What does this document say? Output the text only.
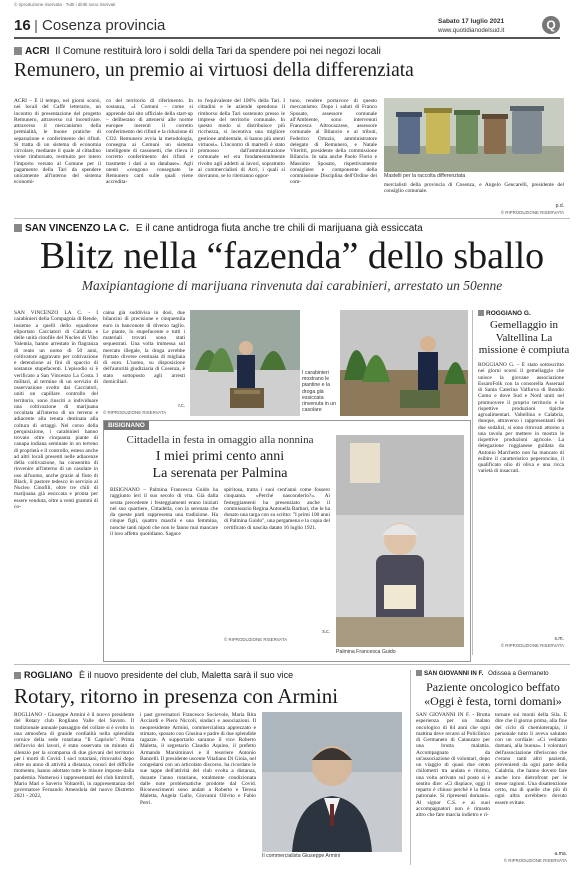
© riproduzione riservata · Tutti i diritti sono riservati
16 Cosenza provincia	Sabato 17 luglio 2021
www.quotidianodelsud.it	Q
ACRI Il Comune restituirà loro i soldi della Tari da spendere poi nei negozi locali
Remunero, un premio ai virtuosi della differenziata
ACRI – È il tempo, nei giorni scorsi, nei locali del Caffè letterario, un incontro di presentazione del progetto Remunero, attraverso cui incentivare, attraverso il meccanismo della premialità, le buone pratiche di separazione e conferimento dei rifiuti. Si tratta di un sistema di economia circolare, mediante il quale al cittadino viene rimborsato, restituito per intero l'importo versato al Comune per il pagamento della Tari da spendere unicamente all'interno del sistema economi-
co del territorio di riferimento. In sostanza, «I Comuni – come si apprende dal sito ufficiale della start-up – deliberano di attenersi alle norme europee inerenti il corretto conferimento dei rifiuti e la riduzione di CO2. Remunero avvia la metodologia, consegna ai Comuni un sistema intelligente di cassonetti, che rileva il corretto conferimento dei rifiuti e trasmette i dati a un database». Agli utenti «vengono consegnate le Remunero card sulle quali viene accredita-
to l'equivalente del 100% della Tari. I cittadini e le aziende spendono il rimborso della Tari sostenuto presso le imprese del territorio comunale. In questo modo si distribuisce più ricchezza, si incentiva una migliore gestione ambientale, si hanno più utenti virtuosi». L'incontro di martedì è stato promosso dall'amministrazione comunale ed era fondamentalmente rivolto agli addetti ai lavori, soprattutto ai commercialisti di Acri, i quali si dovranno, se lo riterranno oppor-
tuno, rendere portavoce di questo meccanismo. Dopo i saluti di Franco Sposato, assessore comunale all'Ambiente, sono intervenuti Francesca Altrocazzese, assessore comunale al Bilancio e ai tributi, Federico Ortuzio, amministratore delegato di Remunero, e Natale Viteritti, presidente della commissione Bilancio. In sala anche Paolo Florio e Massimo Sposato, rispettivamente consigliere e componente della commissione Disciplina dell'Ordine dei com-
Mastelli per la raccolta differenziata
mercialisti della provincia di Cosenza, e Angelo Gencarelli, presidente del consiglio comunale.
p.d.
© RIPRODUZIONE RISERVATA
SAN VINCENZO LA C. E il cane antidroga fiuta anche tre chili di marijuana già essiccata
Blitz nella “fazenda” dello sballo
Maxipiantagione di marijuana rinvenuta dai carabinieri, arrestato un 50enne
SAN VINCENZO LA C. - I carabinieri della Compagnia di Rende, insieme a quelli dello squadrone eliportato Cacciatori di Calabria e delle unità cinofile del Nucleo di Vibo Valentia, hanno arrestato in flagranza di reato un uomo di 50 anni, coltivatore aggravato per coltivazione e detenzione ai fini di spaccio di sostanze stupefacenti. L'episodio si è verificato a San Vincenzo La Costa. I militari, al termine di un servizio di osservazione svolto dai Cacciatori, uniti un capillare controllo del territorio, sono riusciti a individuare una coltivazione di marijuana occultata all'interno di un terreno e adiacente alla tenuta destinata alla coltura di ortaggi. Nel corso della perquisizione, i carabinieri hanno trovato oltre cinquanta piante di canapa indiana seminate in un terreno di proprietà e il controllo, esteso anche ad altri locali presenti nelle adiacenze della coltivazione, ha consentito di rinvenire all'interno di un casolare in uso all'uomo, anche grazie al fiuto di Black, il pastore tedesco in servizio al Nucleo Cinofili, oltre tre chili di marijuana già essiccata e pronta per essere venduta, oltre a venti grammi di co-
caina già suddivisa in dosi, due bilancini di precisione e cinquemila euro in banconote di diverso taglio. Le piante, lo stupefacente e tutti i materiali trovati sono stati sequestrati. Una volta immessa sul mercato illegale, la droga avrebbe fruttato diverse centinaia di migliaia di euro. L'uomo, su disposizione dell'autorità giudiziaria di Cosenza, è stato sottoposto agli arresti domiciliari.
r.c.
© RIPRODUZIONE RISERVATA
I carabinieri mostrano le piantine e la droga già essiccata rinvenuta in un casolare
ROGGIANO G.
Gemellaggio in Valtellina La missione è compiuta
ROGGIANO G. – È stato sottoscritto nei giorni scorsi il gemellaggio che unisce la giovane associazione EssaroFolk con la consorella Asseraal di Santa Caterina Valfurva di Bondio Como e dove Sud e Nord uniti nel promuovere il proprio territorio e le rispettive produzioni tipiche agroalimentari. Valtellina e Calabria, dunque, attraverso i rappresentanti dei due sodalizi, si sono ritrovati attorno a una tavola per mettere in mostra le rispettive produzioni agricole. La delegazione roggianese guidata da Antonio Marchetto non ha mancato di esibire il caratteristico peperoncino, il qualificato olio di oliva e una ricca varietà di insaccati.
s.m.
© RIPRODUZIONE RISERVATA
BISIGNANO
Cittadella in festa in omaggio alla nonnina
I miei primi cento anni
La serenata per Palmina
BISIGNANO – Palmina Francesca Guido ha raggiunto ieri il suo secolo di vita. Già dalla serata precedente i festeggiamenti erano iniziati nel suo quartiere, Cittadella, con la serenata che da queste parti rappresenta una tradizione. Ha cinque figli, quattro maschi e una femmina, nonché tanti nipoti che non le fanno mai mancare il loro affetto quotidiano. Sagace
spiritosa, tratta i suoi cent'anni come fossero cinquanta. «Perché nasconderlo?». Ai festeggiamenti ha presenziato anche il commissario Regina Antonella Barbari, che le ha donato una targa con su scritto: "I primi 100 anni di Palmina Guido", una pergamena e la copia del certificato di nascita datato 16 luglio 1921.
s.c.
© RIPRODUZIONE RISERVATA
Palmina Francesca Guido
ROGLIANO È il nuovo presidente del club, Maletta sarà il suo vice
Rotary, ritorno in presenza con Armini
ROGLIANO - Giuseppe Armini è il nuovo presidente del Rotary club Rogliano Valle del Savuto. Il tradizionale annuale passaggio del collare si è svolto in una atmosfera di grande cordialità nella splendida cornice della sede rotariana "Il Capriolo". Prima dell'avvio dei lavori, è stato osservato un minuto di silenzio per la scomparsa di due giovani del territorio per i morti di Covid. I soci rotariani, ritrovatisi dopo oltre un anno di attività a distanza, consci del difficile momento, hanno adottato tutte le misure imposte dalla pandemia. Numerosi i rappresentanti dei club limitrofi, Mario Mari e Saverio Voltarelli, in rappresentanza del governatore Fernando Amendola del nuovo Distretto 2021 - 2022,
i past governatori Francesco Socievole, Maria Rita Acciardi e Piero Niccoli, sindaci e associazioni. Il neopresidente Armini, commercialista apprezzato e stimato, sposato con Giusina e padre di due splendide ragazze. A supportarlo saranno il vice Roberto Maletta, il segretario Claudio Aquino, il prefetto Armando Marsiminavi e il tesoriere Antonio Banzelli. Il presidente uscente Vitaliano Di Gioia, nel congedarsi con un articolato discorso, ha ricordato le sue tappe dell'attività del club svolta a distanza, durante l'anno rotariano, totalmente condizionata dalle note problematiche prodotte dal Covid. Riconoscimenti sono andati a Roberto e Teresa Maletta, Angela Gallo, Giovanni Olivito e Fabio Perri.
Il commercialista Giuseppe Armini
SAN GIOVANNI IN F. Odissea a Germaneto
Paziente oncologico beffato
«Oggi è festa, torni domani»
SAN GIOVANNI IN F. - Brutta esperienza per un malato oncologico di 84 anni che ogni mattina deve recarsi al Policlinico di Germaneto di Catanzaro per una brutta malattia. Accompagnato da un'associazione di volontari, dopo un viaggio di quasi due cento chilometri tra andata e ritorno, una volta arrivato sul posto si è sentito dire: «Ci dispiace, oggi il reparto è chiuso perché è la festa patronale. Si ripresenti domani». Al signor C.S. e ai suoi accompagnatori non è rimasto altro che fare marcia indietro e ri-
tornare sui monti della Sila. E dire che il giorno prima, alla fine del ciclo di chemioterapia, il personale tutto li aveva salutato con un cordiale: «Ci vediamo domani, alla buona». I volontari dell'associazione riferiscono che c'erano tanti altri pazienti, provenienti da ogni parte della Calabria, che hanno dovuto fare anche loro dietrofront per le stesse ragioni. Una disattenzione certo, ma di quelle che più di ogni altra avrebbero dovuto essere evitate.
a.ma.
© RIPRODUZIONE RISERVATA
